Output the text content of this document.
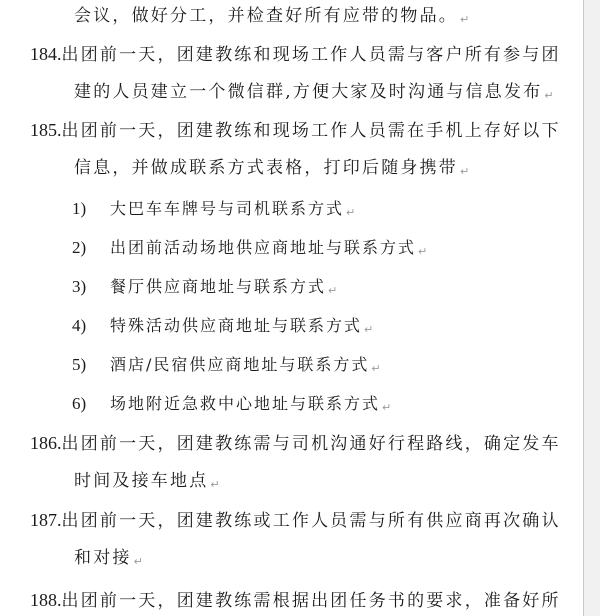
会议，做好分工，并检查好所有应带的物品。 ↵
184.出团前一天，团建教练和现场工作人员需与客户所有参与团
建的人员建立一个微信群,方便大家及时沟通与信息发布 ↵
185.出团前一天，团建教练和现场工作人员需在手机上存好以下
信息，并做成联系方式表格，打印后随身携带 ↵
1) 大巴车车牌号与司机联系方式 ↵
2) 出团前活动场地供应商地址与联系方式 ↵
3) 餐厅供应商地址与联系方式 ↵
4) 特殊活动供应商地址与联系方式 ↵
5) 酒店/民宿供应商地址与联系方式 ↵
6) 场地附近急救中心地址与联系方式 ↵
186.出团前一天，团建教练需与司机沟通好行程路线，确定发车
时间及接车地点 ↵
187.出团前一天，团建教练或工作人员需与所有供应商再次确认
和对接 ↵
188.出团前一天，团建教练需根据出团任务书的要求，准备好所
